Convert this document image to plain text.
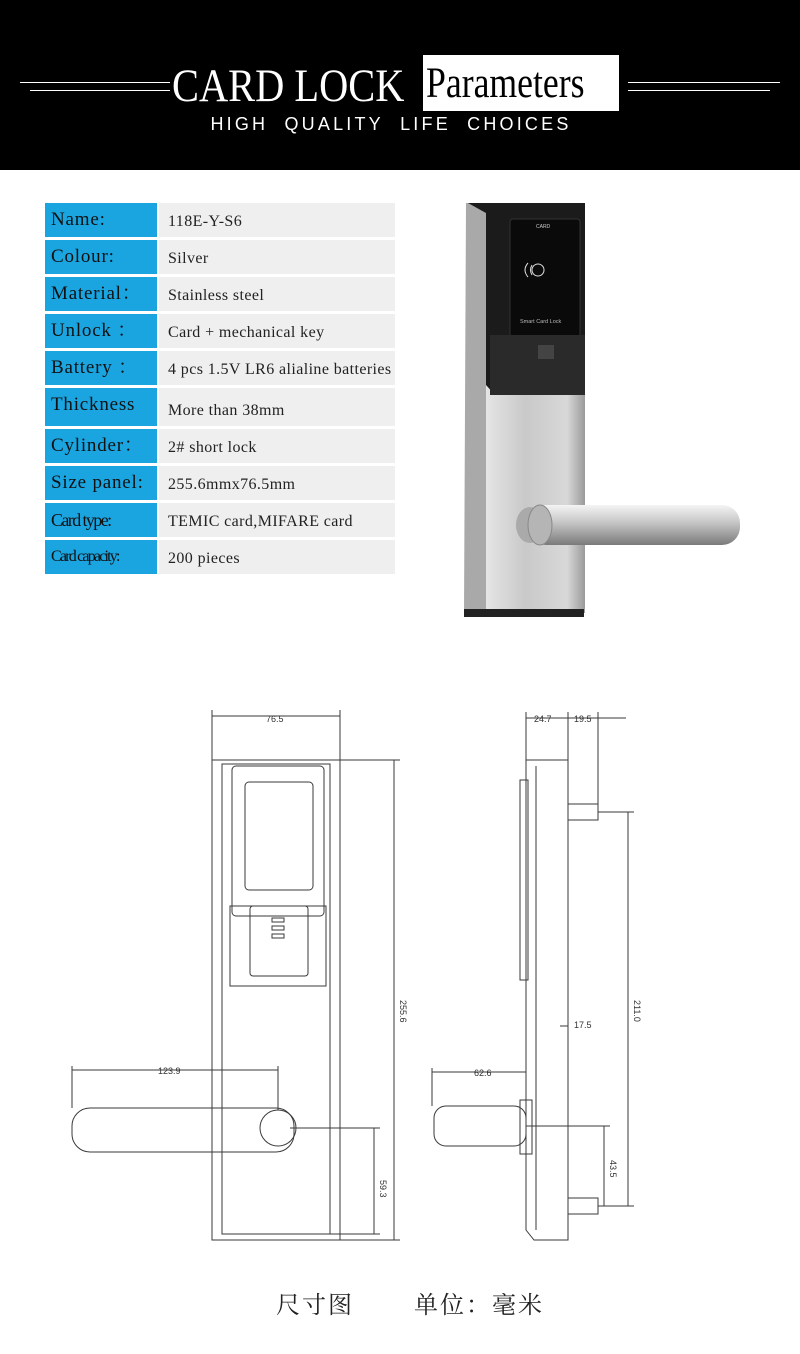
CARD LOCK Parameters
HIGH QUALITY LIFE CHOICES
Name:	118E-Y-S6
Colour:	Silver
Material：	Stainless steel
Unlock ：	Card + mechanical key
Battery ：	4 pcs 1.5V LR6 alialine batteries
Thickness	More than 38mm
Cylinder：	2# short lock
Size panel:	255.6mmx76.5mm
Card type:	TEMIC card,MIFARE card
Card capacity:	200 pieces
CARD
Smart Card Lock
76.5
123.9
255.6
59.3
24.7 19.5
211.0
17.5
62.6
43.5
尺寸图	单位：毫米
